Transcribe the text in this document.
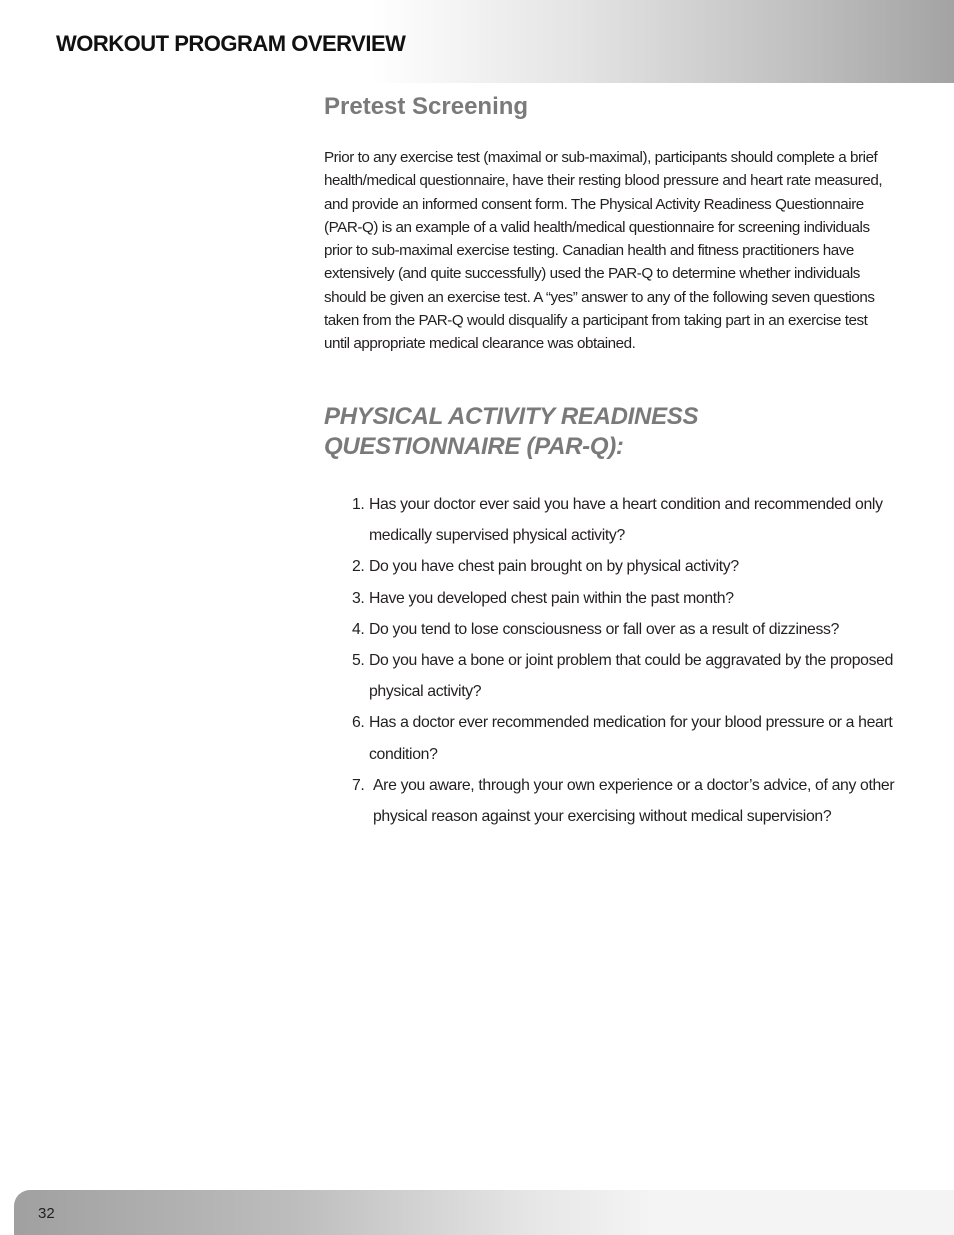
WORKOUT PROGRAM OVERVIEW
Pretest Screening

Prior to any exercise test (maximal or sub-maximal), participants should complete a brief health/medical questionnaire, have their resting blood pressure and heart rate measured, and provide an informed consent form. The Physical Activity Readiness Questionnaire (PAR-Q) is an example of a valid health/medical questionnaire for screening individuals prior to sub-maximal exercise testing. Canadian health and fitness practitioners have extensively (and quite successfully) used the PAR-Q to determine whether individuals should be given an exercise test. A “yes” answer to any of the following seven questions taken from the PAR-Q would disqualify a participant from taking part in an exercise test until appropriate medical clearance was obtained.

PHYSICAL ACTIVITY READINESS QUESTIONNAIRE (PAR-Q):
1. Has your doctor ever said you have a heart condition and recommended only medically supervised physical activity?
2. Do you have chest pain brought on by physical activity?
3. Have you developed chest pain within the past month?
4. Do you tend to lose consciousness or fall over as a result of dizziness?
5. Do you have a bone or joint problem that could be aggravated by the proposed physical activity?
6. Has a doctor ever recommended medication for your blood pressure or a heart condition?
7. Are you aware, through your own experience or a doctor’s advice, of any other physical reason against your exercising without medical supervision?
32
